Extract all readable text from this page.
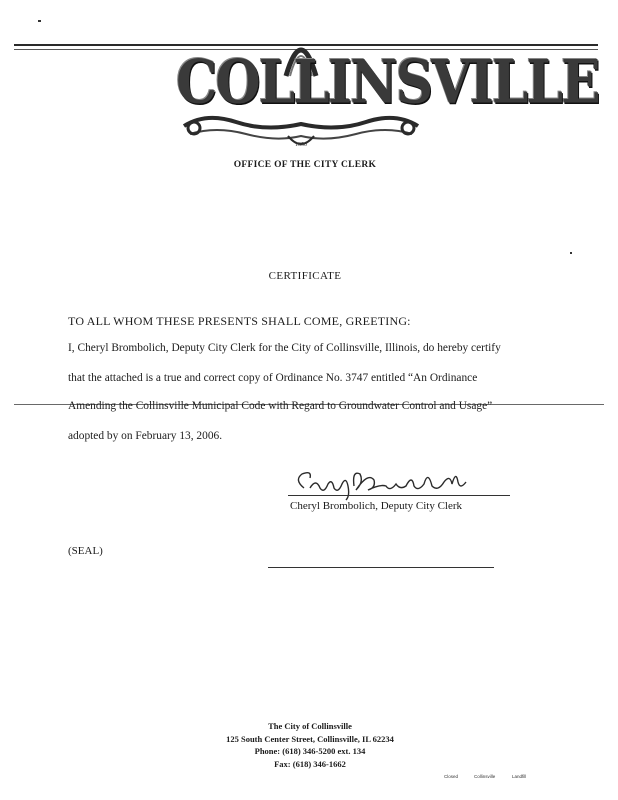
COLLINSVILLE
1850
OFFICE OF THE CITY CLERK
CERTIFICATE
TO ALL WHOM THESE PRESENTS SHALL COME, GREETING:
I, Cheryl Brombolich, Deputy City Clerk for the City of Collinsville, Illinois, do hereby certify
that the attached is a true and correct copy of Ordinance No. 3747 entitled “An Ordinance
Amending the Collinsville Municipal Code with Regard to Groundwater Control and Usage”
adopted by on February 13, 2006.
Cheryl Brombolich, Deputy City Clerk
(SEAL)
The City of Collinsville
125 South Center Street, Collinsville, IL 62234
Phone: (618) 346-5200 ext. 134
Fax: (618) 346-1662
Closed	Collinsville	Landfill
